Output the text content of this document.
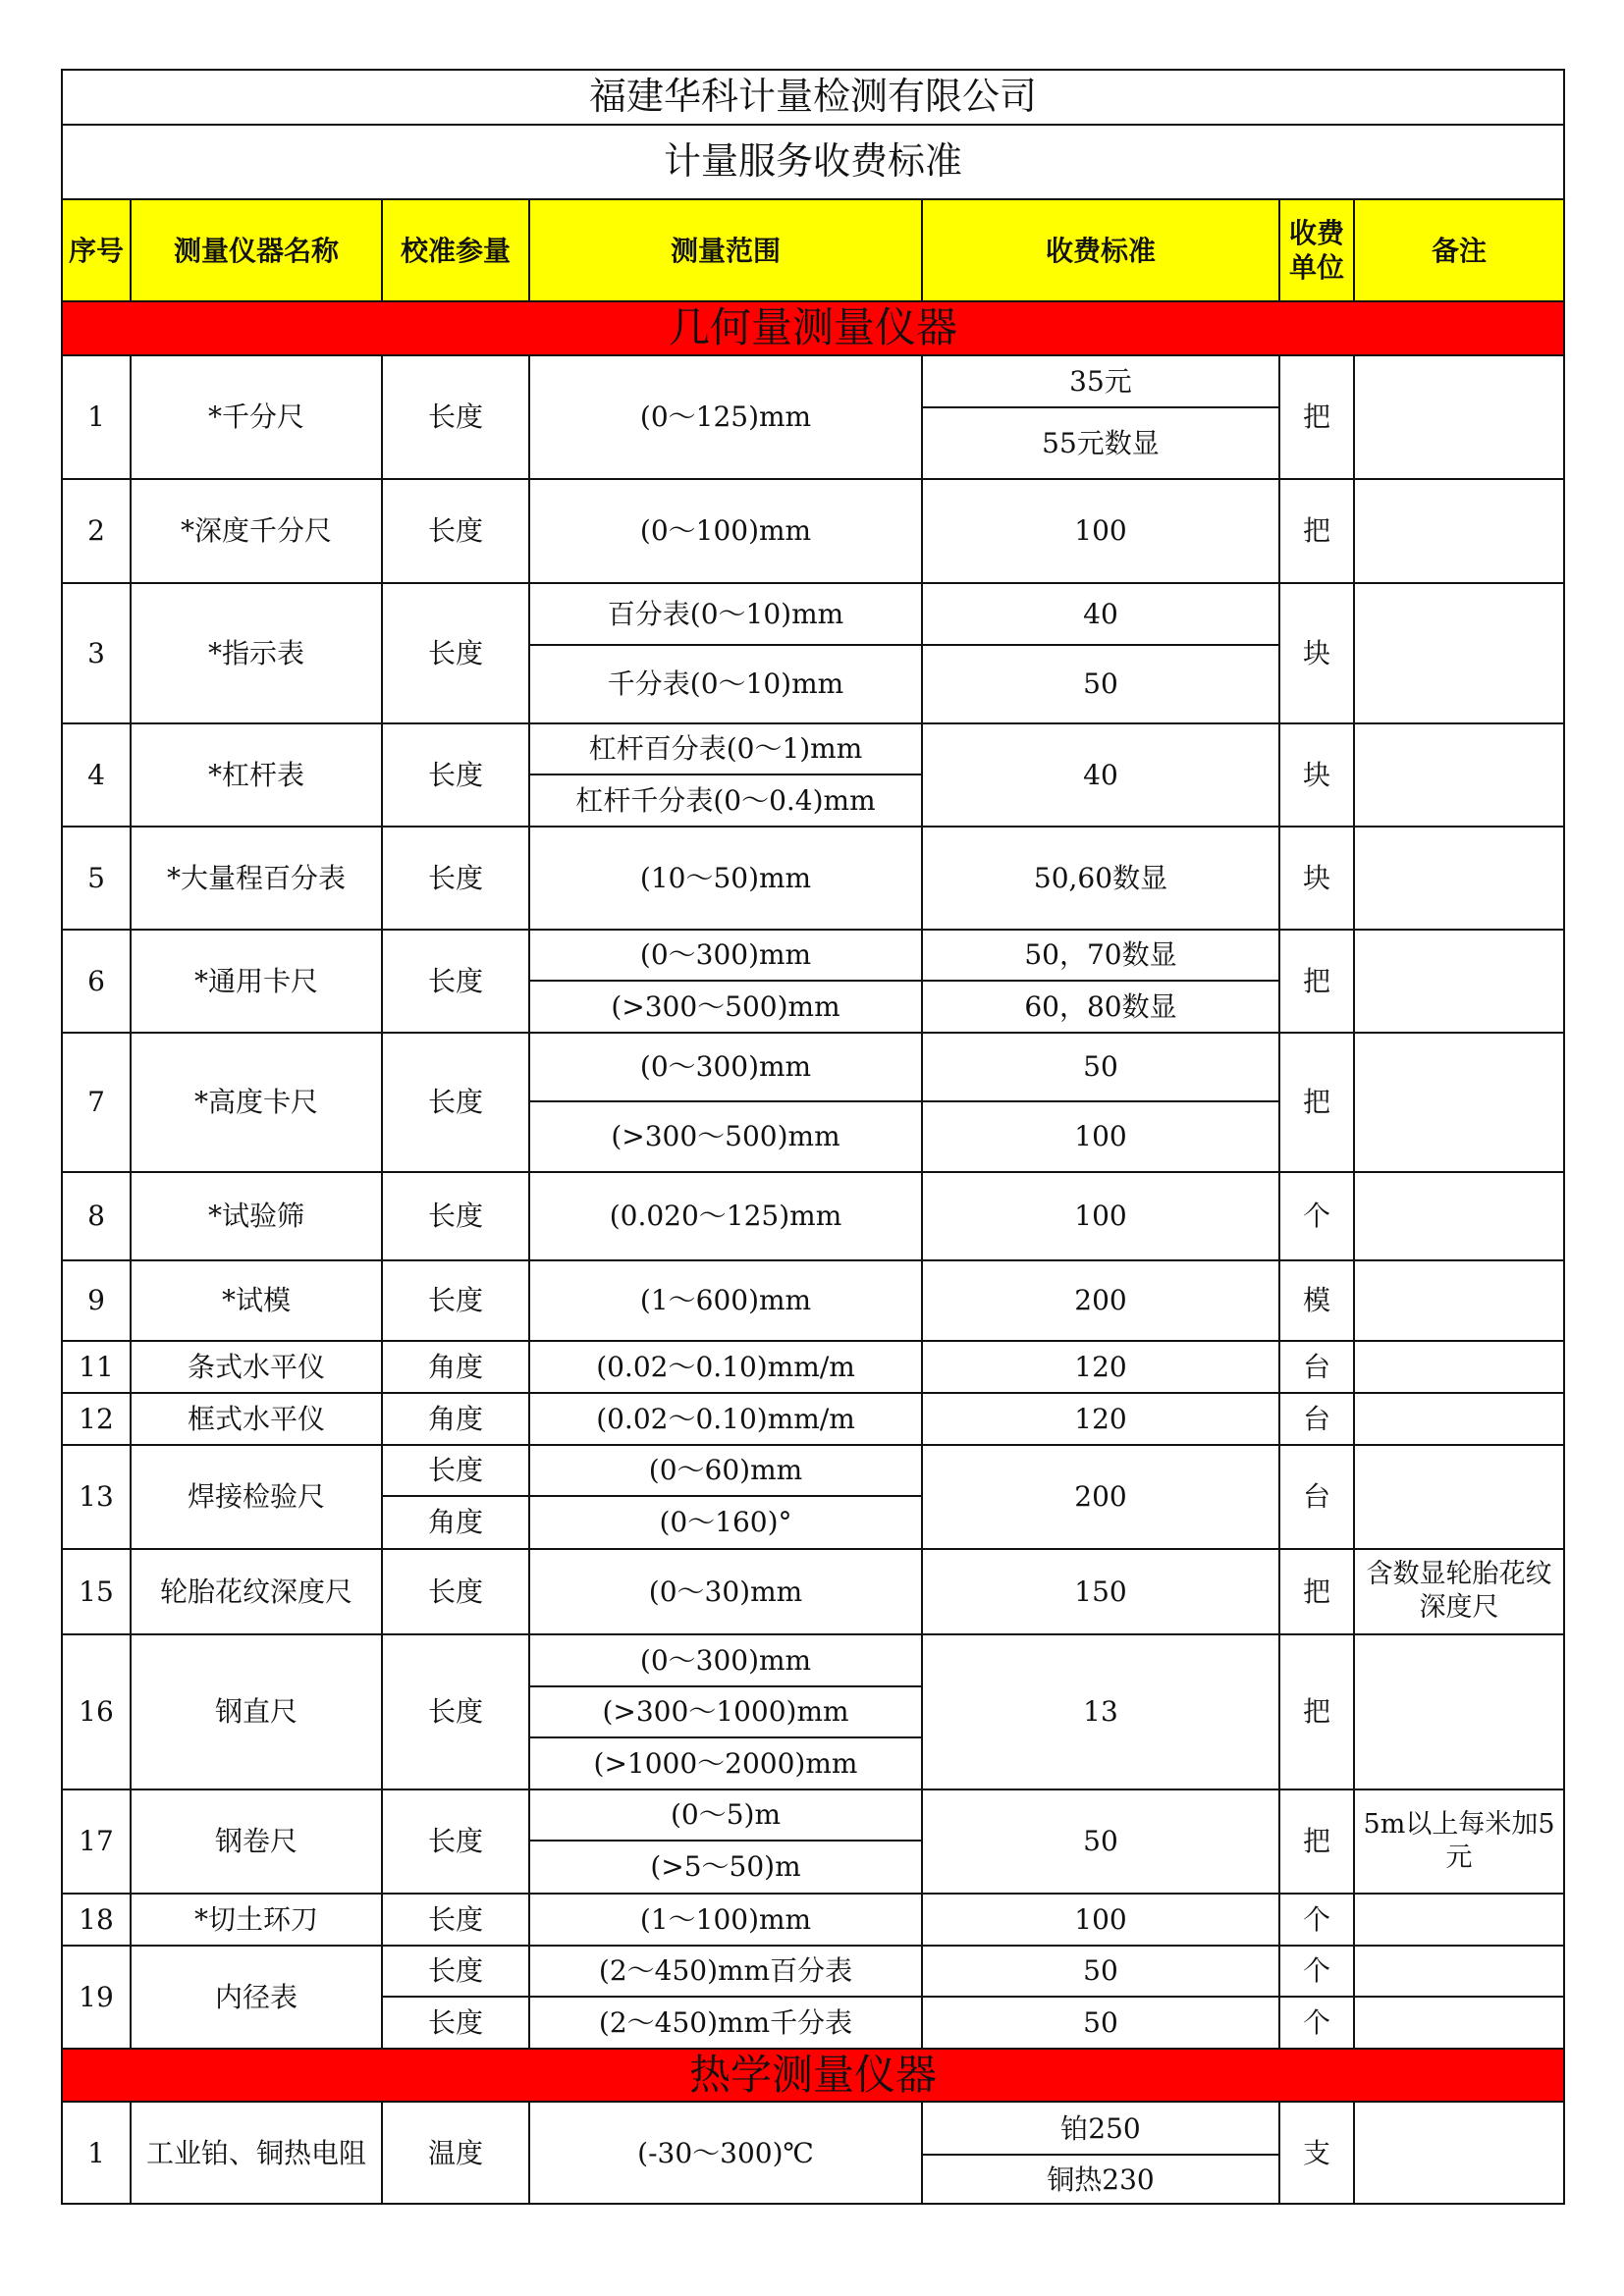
福建华科计量检测有限公司						
计量服务收费标准						
序号	测量仪器名称	校准参量	测量范围	收费标准	收费单位	备注
几何量测量仪器						
1	*千分尺	长度	(0～125)mm	35元	把	
				55元数显		
2	*深度千分尺	长度	(0～100)mm	100	把	
3	*指示表	长度	百分表(0～10)mm	40	块	
			千分表(0～10)mm	50		
4	*杠杆表	长度	杠杆百分表(0～1)mm	40	块	
			杠杆千分表(0～0.4)mm			
5	*大量程百分表	长度	(10～50)mm	50,60数显	块	
6	*通用卡尺	长度	(0～300)mm	50，70数显	把	
			(>300～500)mm	60，80数显		
7	*高度卡尺	长度	(0～300)mm	50	把	
			(>300～500)mm	100		
8	*试验筛	长度	(0.020～125)mm	100	个	
9	*试模	长度	(1～600)mm	200	模	
11	条式水平仪	角度	(0.02～0.10)mm/m	120	台	
12	框式水平仪	角度	(0.02～0.10)mm/m	120	台	
13	焊接检验尺	长度	(0～60)mm	200	台	
		角度	(0～160)°			
15	轮胎花纹深度尺	长度	(0～30)mm	150	把	含数显轮胎花纹深度尺
16	钢直尺	长度	(0～300)mm	13	把	
			(>300～1000)mm			
			(>1000～2000)mm			
17	钢卷尺	长度	(0～5)m	50	把	5m以上每米加5元
			(>5～50)m			
18	*切土环刀	长度	(1～100)mm	100	个	
19	内径表	长度	(2～450)mm百分表	50	个	
		长度	(2～450)mm千分表	50	个	
热学测量仪器						
1	工业铂、铜热电阻	温度	(-30～300)℃	铂250	支	
				铜热230		
